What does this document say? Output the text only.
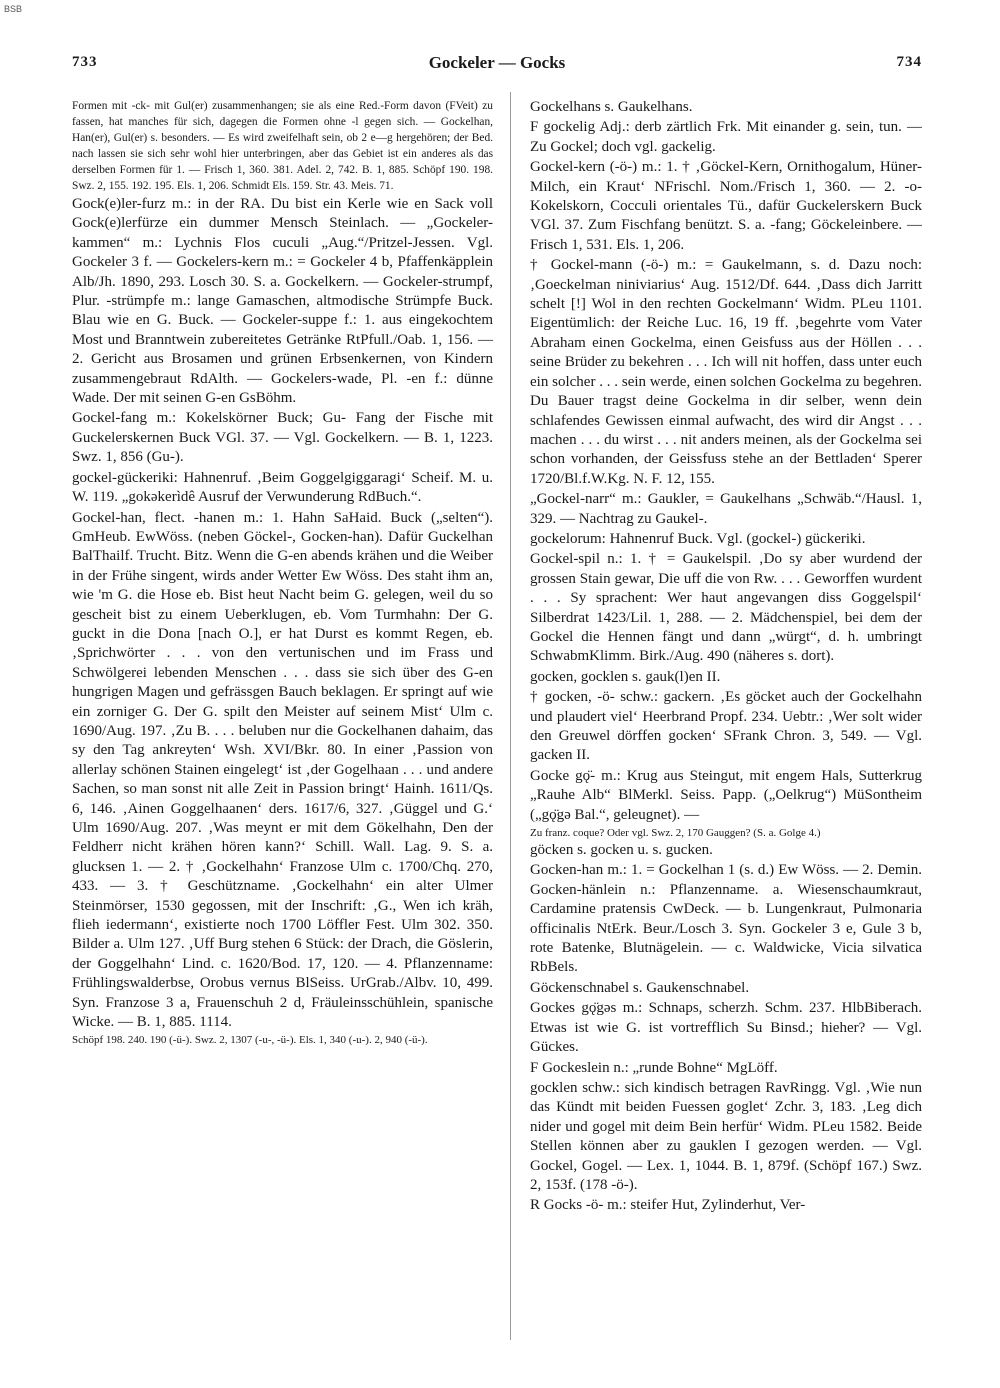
BSB
733	Gockeler — Gocks	734

Formen mit -ck- mit Gul(er) zusammenhangen; sie als eine Red.-Form davon (FVeit) zu fassen, hat manches für sich, dagegen die Formen ohne -l gegen sich. — Gockelhan, Han(er), Gul(er) s. besonders. — Es wird zweifelhaft sein, ob 2 e—g hergehören; der Bed. nach lassen sie sich sehr wohl hier unterbringen, aber das Gebiet ist ein anderes als das derselben Formen für 1. — Frisch 1, 360. 381. Adel. 2, 742. B. 1, 885. Schöpf 190. 198. Swz. 2, 155. 192. 195. Els. 1, 206. Schmidt Els. 159. Str. 43. Meis. 71.

Gock(e)ler-furz m.: in der RA. Du bist ein Kerle wie en Sack voll Gock(e)lerfürze ein dummer Mensch Steinlach. — „Gockeler-kammen“ m.: Lychnis Flos cuculi „Aug.“/Pritzel-Jessen. Vgl. Gockeler 3 f. — Gockelers-kern m.: = Gockeler 4 b, Pfaffenkäpplein Alb/Jh. 1890, 293. Losch 30. S. a. Gockelkern. — Gockeler-strumpf, Plur. -strümpfe m.: lange Gamaschen, altmodische Strümpfe Buck. Blau wie en G. Buck. — Gockeler-suppe f.: 1. aus eingekochtem Most und Branntwein zubereitetes Getränke RtPfull./Oab. 1, 156. — 2. Gericht aus Brosamen und grünen Erbsenkernen, von Kindern zusammengebraut RdAlth. — Gockelers-wade, Pl. -en f.: dünne Wade. Der mit seinen G-en GsBöhm.

Gockel-fang m.: Kokelskörner Buck; Gu- Fang der Fische mit Guckelerskernen Buck VGl. 37. — Vgl. Gockelkern. — B. 1, 1223. Swz. 1, 856 (Gu-).

gockel-gückeriki: Hahnenruf. ‚Beim Goggelgiggaragi‘ Scheif. M. u. W. 119. „gokəkerìdê Ausruf der Verwunderung RdBuch.“.

Gockel-han, flect. -hanen m.: 1. Hahn SaHaid. Buck („selten“). GmHeub. EwWöss. (neben Göckel-, Gocken-han). Dafür Guckelhan BalThailf. Trucht. Bitz. Wenn die G-en abends krähen und die Weiber in der Frühe singent, wirds ander Wetter Ew Wöss. Des staht ihm an, wie 'm G. die Hose eb. Bist heut Nacht beim G. gelegen, weil du so gescheit bist zu einem Ueberklugen, eb. Vom Turmhahn: Der G. guckt in die Dona [nach O.], er hat Durst es kommt Regen, eb. ‚Sprichwörter . . . von den vertunischen und im Frass und Schwölgerei lebenden Menschen . . . dass sie sich über des G-en hungrigen Magen und gefrässgen Bauch beklagen. Er springt auf wie ein zorniger G. Der G. spilt den Meister auf seinem Mist‘ Ulm c. 1690/Aug. 197. ‚Zu B. . . . beluben nur die Gockelhanen dahaim, das sy den Tag ankreyten‘ Wsh. XVI/Bkr. 80. In einer ‚Passion von allerlay schönen Stainen eingelegt‘ ist ‚der Gogelhaan . . . und andere Sachen, so man sonst nit alle Zeit in Passion bringt‘ Hainh. 1611/Qs. 6, 146. ‚Ainen Goggelhaanen‘ ders. 1617/6, 327. ‚Güggel und G.‘ Ulm 1690/Aug. 207. ‚Was meynt er mit dem Gökelhahn, Den der Feldherr nicht krähen hören kann?‘ Schill. Wall. Lag. 9. S. a. glucksen 1. — 2. † ‚Gockelhahn‘ Franzose Ulm c. 1700/Chq. 270, 433. — 3. † Geschützname. ‚Gockelhahn‘ ein alter Ulmer Steinmörser, 1530 gegossen, mit der Inschrift: ‚G., Wen ich kräh, flieh iedermann‘, existierte noch 1700 Löffler Fest. Ulm 302. 350. Bilder a. Ulm 127. ‚Uff Burg stehen 6 Stück: der Drach, die Göslerin, der Goggelhahn‘ Lind. c. 1620/Bod. 17, 120. — 4. Pflanzenname: Frühlingswalderbse, Orobus vernus BlSeiss. UrGrab./Albv. 10, 499. Syn. Franzose 3 a, Frauenschuh 2 d, Fräuleinsschühlein, spanische Wicke. — B. 1, 885. 1114.

Schöpf 198. 240. 190 (-ü-). Swz. 2, 1307 (-u-, -ü-). Els. 1, 340 (-u-). 2, 940 (-ü-).

Gockelhans s. Gaukelhans.

F gockelig Adj.: derb zärtlich Frk. Mit einander g. sein, tun. — Zu Gockel; doch vgl. gackelig.

Gockel-kern (-ö-) m.: 1. † ‚Göckel-Kern, Ornithogalum, Hüner-Milch, ein Kraut‘ NFrischl. Nom./Frisch 1, 360. — 2. -o- Kokelskorn, Cocculi orientales Tü., dafür Guckelerskern Buck VGl. 37. Zum Fischfang benützt. S. a. -fang; Göckeleinbere. — Frisch 1, 531. Els. 1, 206.

† Gockel-mann (-ö-) m.: = Gaukelmann, s. d. Dazu noch: ‚Goeckelman niniviarius‘ Aug. 1512/Df. 644. ‚Dass dich Jarritt schelt [!] Wol in den rechten Gockelmann‘ Widm. PLeu 1101. Eigentümlich: der Reiche Luc. 16, 19 ff. ‚begehrte vom Vater Abraham einen Gockelma, einen Geisfuss aus der Höllen . . . seine Brüder zu bekehren . . . Ich will nit hoffen, dass unter euch ein solcher . . . sein werde, einen solchen Gockelma zu begehren. Du Bauer tragst deine Gockelma in dir selber, wenn dein schlafendes Gewissen einmal aufwacht, des wird dir Angst . . . machen . . . du wirst . . . nit anders meinen, als der Gockelma sei schon vorhanden, der Geissfuss stehe an der Bettladen‘ Sperer 1720/Bl.f.W.Kg. N. F. 12, 155.

„Gockel-narr“ m.: Gaukler, = Gaukelhans „Schwäb.“/Hausl. 1, 329. — Nachtrag zu Gaukel-.

gockelorum: Hahnenruf Buck. Vgl. (gockel-) gückeriki.

Gockel-spil n.: 1. † = Gaukelspil. ‚Do sy aber wurdend der grossen Stain gewar, Die uff die von Rw. . . . Geworffen wurdent . . . Sy sprachent: Wer haut angevangen diss Goggelspil‘ Silberdrat 1423/Lil. 1, 288. — 2. Mädchenspiel, bei dem der Gockel die Hennen fängt und dann „würgt“, d. h. umbringt SchwabmKlimm. Birk./Aug. 490 (näheres s. dort).

gocken, gocklen s. gauk(l)en II.

† gocken, -ö- schw.: gackern. ‚Es göcket auch der Gockelhahn und plaudert viel‘ Heerbrand Propf. 234. Uebtr.: ‚Wer solt wider den Greuwel dörffen gocken‘ SFrank Chron. 3, 549. — Vgl. gacken II.

Gocke gǫ̈- m.: Krug aus Steingut, mit engem Hals, Sutterkrug „Rauhe Alb“ BlMerkl. Seiss. Papp. („Oelkrug“) MüSontheim („gǫ̈gə Bal.“, geleugnet). —

Zu franz. coque? Oder vgl. Swz. 2, 170 Gauggen? (S. a. Golge 4.)

göcken s. gocken u. s. gucken.

Gocken-han m.: 1. = Gockelhan 1 (s. d.) Ew Wöss. — 2. Demin. Gocken-hänlein n.: Pflanzenname. a. Wiesenschaumkraut, Cardamine pratensis CwDeck. — b. Lungenkraut, Pulmonaria officinalis NtErk. Beur./Losch 3. Syn. Gockeler 3 e, Gule 3 b, rote Batenke, Blutnägelein. — c. Waldwicke, Vicia silvatica RbBels.

Göckenschnabel s. Gaukenschnabel.

Gockes gǫ̈gǝs m.: Schnaps, scherzh. Schm. 237. HlbBiberach. Etwas ist wie G. ist vortrefflich Su Binsd.; hieher? — Vgl. Gückes.

F Gockeslein n.: „runde Bohne“ MgLöff.

gocklen schw.: sich kindisch betragen RavRingg. Vgl. ‚Wie nun das Kündt mit beiden Fuessen goglet‘ Zchr. 3, 183. ‚Leg dich nider und gogel mit deim Bein herfür‘ Widm. PLeu 1582. Beide Stellen können aber zu gauklen I gezogen werden. — Vgl. Gockel, Gogel. — Lex. 1, 1044. B. 1, 879f. (Schöpf 167.) Swz. 2, 153f. (178 -ö-).

R Gocks -ö- m.: steifer Hut, Zylinderhut, Ver-
